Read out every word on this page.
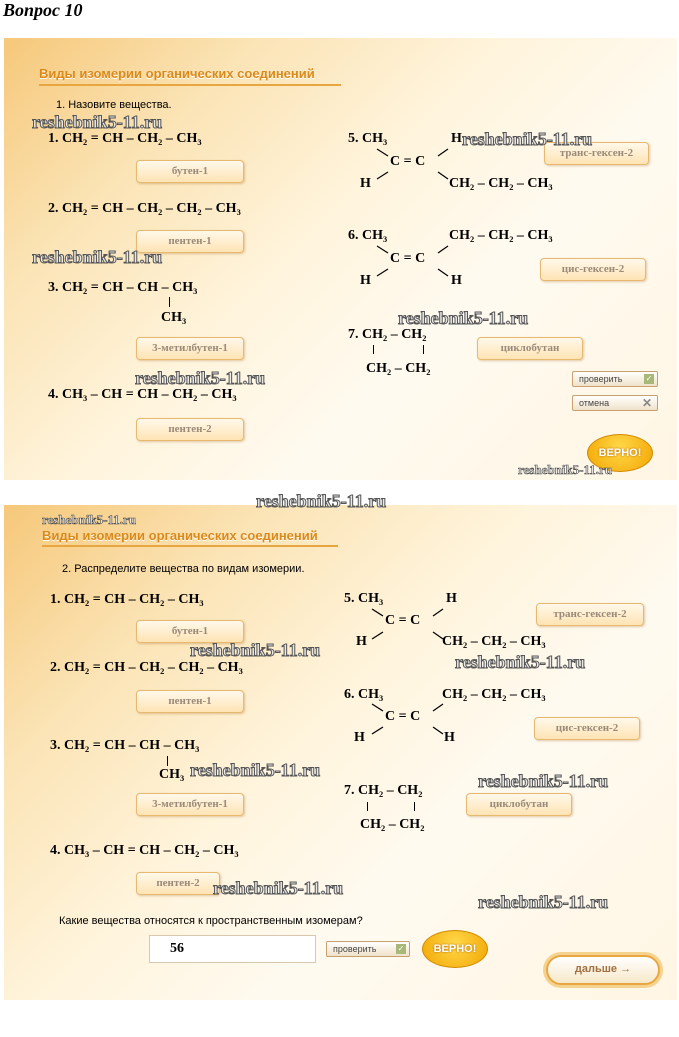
Вопрос 10
Виды изомерии органических соединений
1. Назовите вещества.
1. CH₂ = CH – CH₂ – CH₃
бутен-1
2. CH₂ = CH – CH₂ – CH₂ – CH₃
пентен-1
3. CH₂ = CH – CH – CH₃
CH₃
3-метилбутен-1
4. CH₃ – CH = CH – CH₂ – CH₃
пентен-2
5. CH₃	H
C = C
H	CH₂ – CH₂ – CH₃
транс-гексен-2
6. CH₃	CH₂ – CH₂ – CH₃
C = C
H	H
цис-гексен-2
7. CH₂ – CH₂
CH₂ – CH₂
циклобутан
проверить	✓
отмена	✕
ВЕРНО!
Виды изомерии органических соединений
2. Распределите вещества по видам изомерии.
1. CH₂ = CH – CH₂ – CH₃
бутен-1
2. CH₂ = CH – CH₂ – CH₂ – CH₃
пентен-1
3. CH₂ = CH – CH – CH₃
CH₃
3-метилбутен-1
4. CH₃ – CH = CH – CH₂ – CH₃
пентен-2
5. CH₃	H
C = C
H	CH₂ – CH₂ – CH₃
транс-гексен-2
6. CH₃	CH₂ – CH₂ – CH₃
C = C
H	H
цис-гексен-2
7. CH₂ – CH₂
CH₂ – CH₂
циклобутан
Какие вещества относятся к пространственным изомерам?
56	проверить	✓	ВЕРНО!
дальше →
reshebnik5-11.ru
reshebnik5-11.ru
reshebnik5-11.ru
reshebnik5-11.ru
reshebnik5-11.ru
reshebnik5-11.ru
reshebnik5-11.ru
reshebnik5-11.ru
reshebnik5-11.ru
reshebnik5-11.ru
reshebnik5-11.ru
reshebnik5-11.ru
reshebnik5-11.ru
reshebnik5-11.ru
